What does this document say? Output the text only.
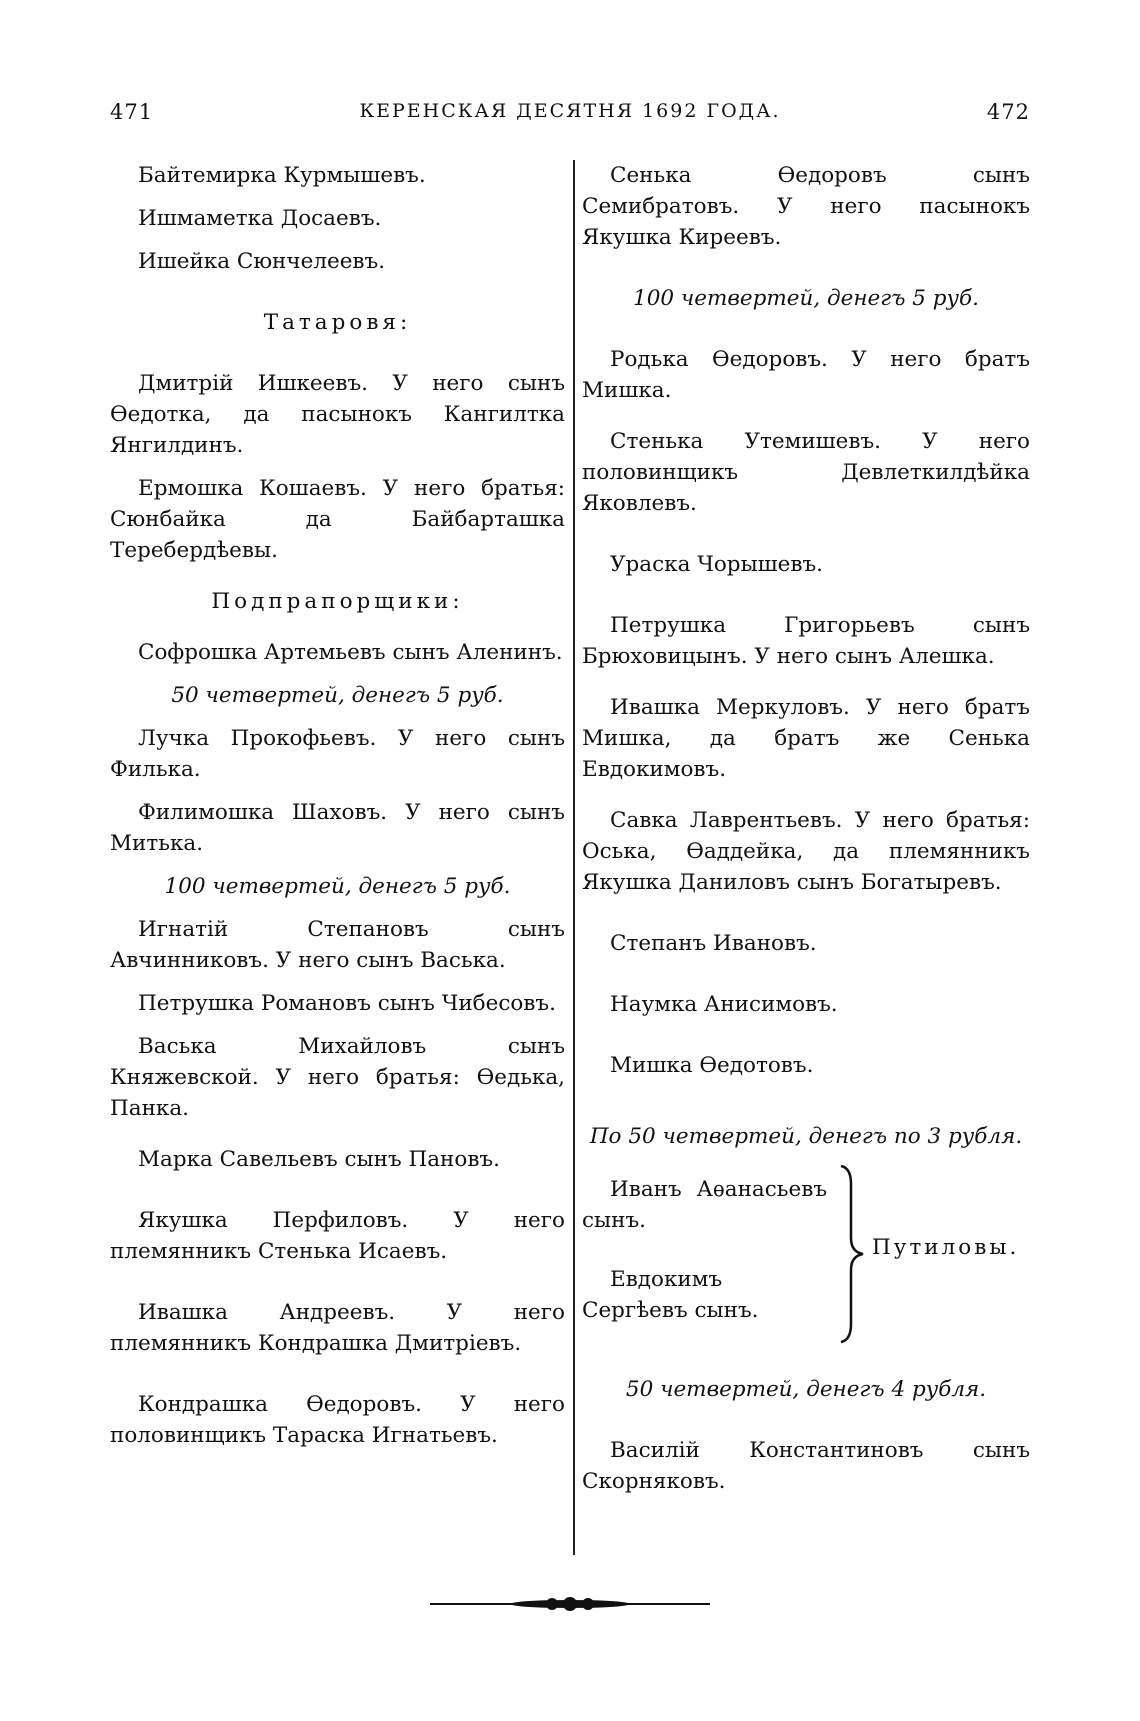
471	КЕРЕНСКАЯ ДЕСЯТНЯ 1692 ГОДА.	472

Байтемирка Курмышевъ.

Ишмаметка Досаевъ.

Ишейка Сюнчелеевъ.

Татаровя:

Дмитрій Ишкеевъ. У него сынъ Ѳедотка, да пасынокъ Кангилтка Янгилдинъ.

Ермошка Кошаевъ. У него братья: Сюнбайка да Байбарташка Теребердѣевы.

Подпрапорщики:

Софрошка Артемьевъ сынъ Аленинъ.

50 четвертей, денегъ 5 руб.

Лучка Прокофьевъ. У него сынъ Филька.

Филимошка Шаховъ. У него сынъ Митька.

100 четвертей, денегъ 5 руб.

Игнатій Степановъ сынъ Авчинниковъ. У него сынъ Васька.

Петрушка Романовъ сынъ Чибесовъ.

Васька Михайловъ сынъ Княжевской. У него братья: Ѳедька, Панка.

Марка Савельевъ сынъ Пановъ.

Якушка Перфиловъ. У него племянникъ Стенька Исаевъ.

Ивашка Андреевъ. У него племянникъ Кондрашка Дмитріевъ.

Кондрашка Ѳедоровъ. У него половинщикъ Тараска Игнатьевъ.

Сенька Ѳедоровъ сынъ Семибратовъ. У него пасынокъ Якушка Киреевъ.

100 четвертей, денегъ 5 руб.

Родька Ѳедоровъ. У него братъ Мишка.

Стенька Утемишевъ. У него половинщикъ Девлеткилдѣйка Яковлевъ.

Ураска Чорышевъ.

Петрушка Григорьевъ сынъ Брюховицынъ. У него сынъ Алешка.

Ивашка Меркуловъ. У него братъ Мишка, да братъ же Сенька Евдокимовъ.

Савка Лаврентьевъ. У него братья: Оська, Ѳаддейка, да племянникъ Якушка Даниловъ сынъ Богатыревъ.

Степанъ Ивановъ.

Наумка Анисимовъ.

Мишка Ѳедотовъ.

По 50 четвертей, денегъ по 3 рубля.

Иванъ Аѳанасьевъ сынъ.

Евдокимъ Сергѣевъ сынъ.

Путиловы.

50 четвертей, денегъ 4 рубля.

Василій Константиновъ сынъ Скорняковъ.
